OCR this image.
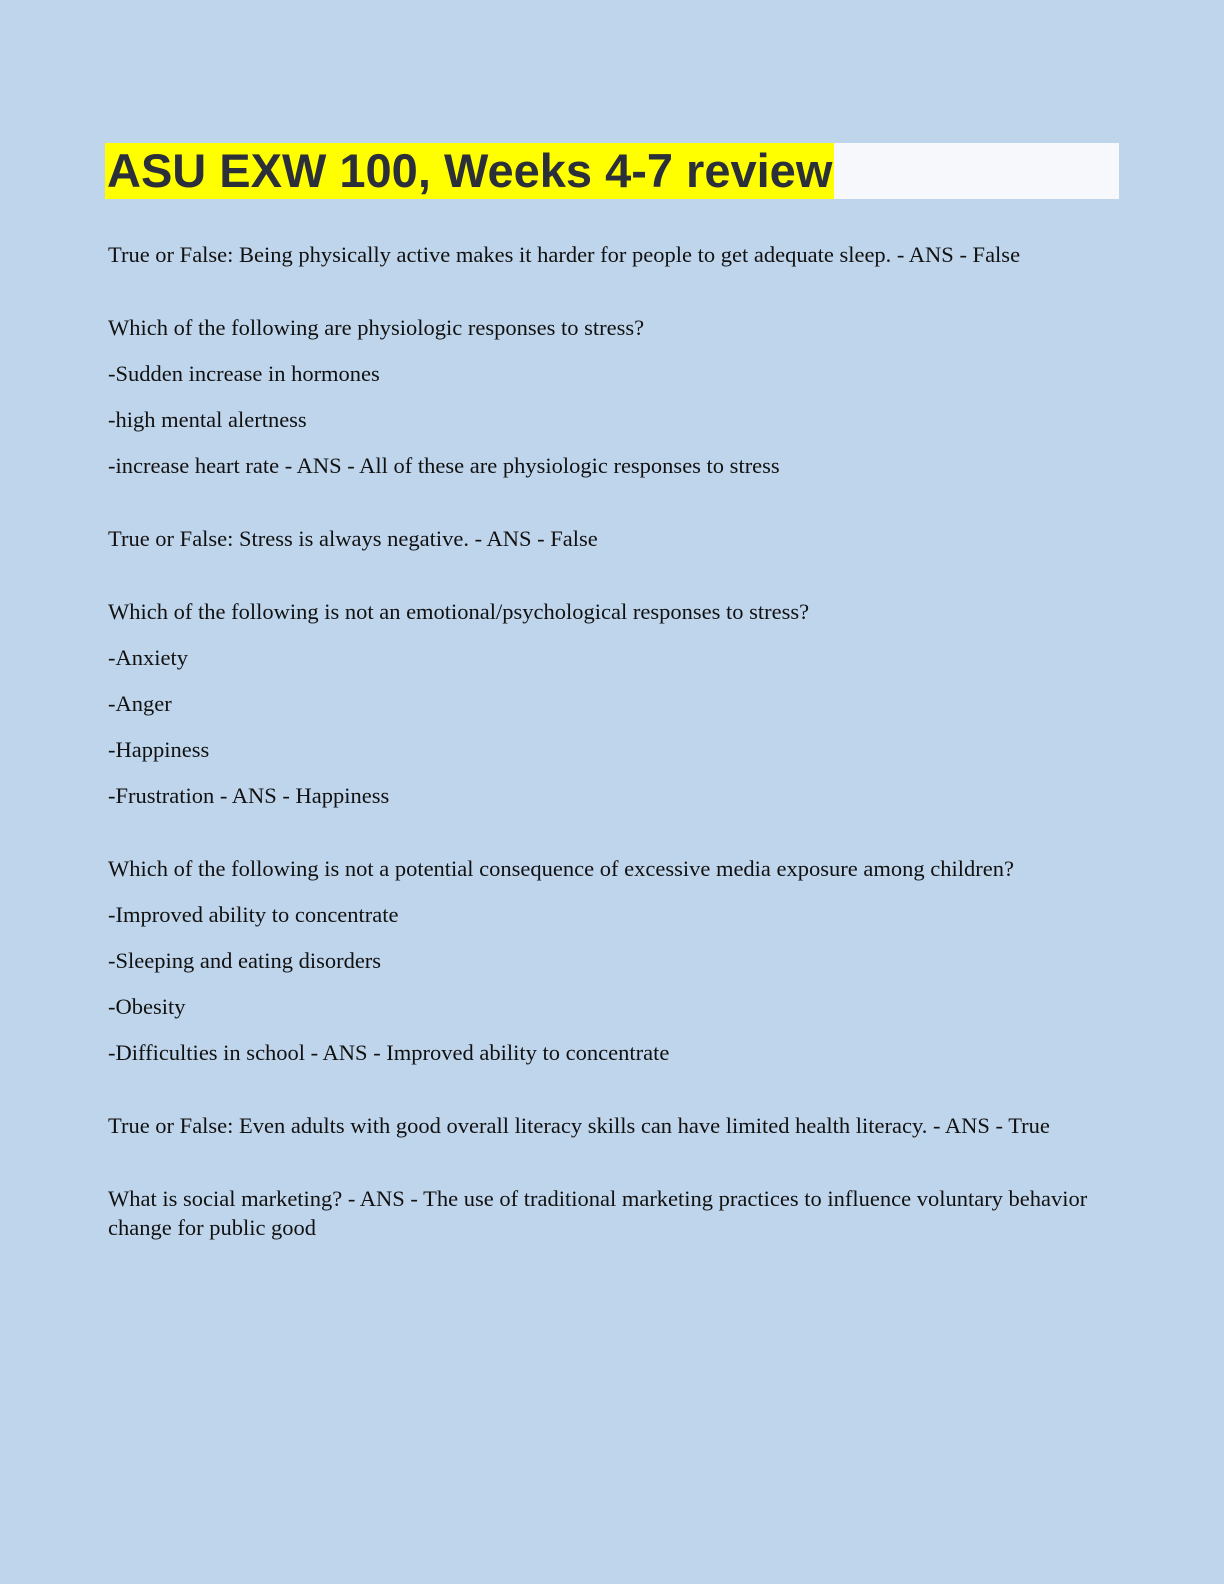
ASU EXW 100, Weeks 4-7 review
True or False: Being physically active makes it harder for people to get adequate sleep. - ANS - False
Which of the following are physiologic responses to stress?
-Sudden increase in hormones
-high mental alertness
-increase heart rate - ANS - All of these are physiologic responses to stress
True or False: Stress is always negative. - ANS - False
Which of the following is not an emotional/psychological responses to stress?
-Anxiety
-Anger
-Happiness
-Frustration - ANS - Happiness
Which of the following is not a potential consequence of excessive media exposure among children?
-Improved ability to concentrate
-Sleeping and eating disorders
-Obesity
-Difficulties in school - ANS - Improved ability to concentrate
True or False: Even adults with good overall literacy skills can have limited health literacy. - ANS - True
What is social marketing? - ANS - The use of traditional marketing practices to influence voluntary behavior change for public good
